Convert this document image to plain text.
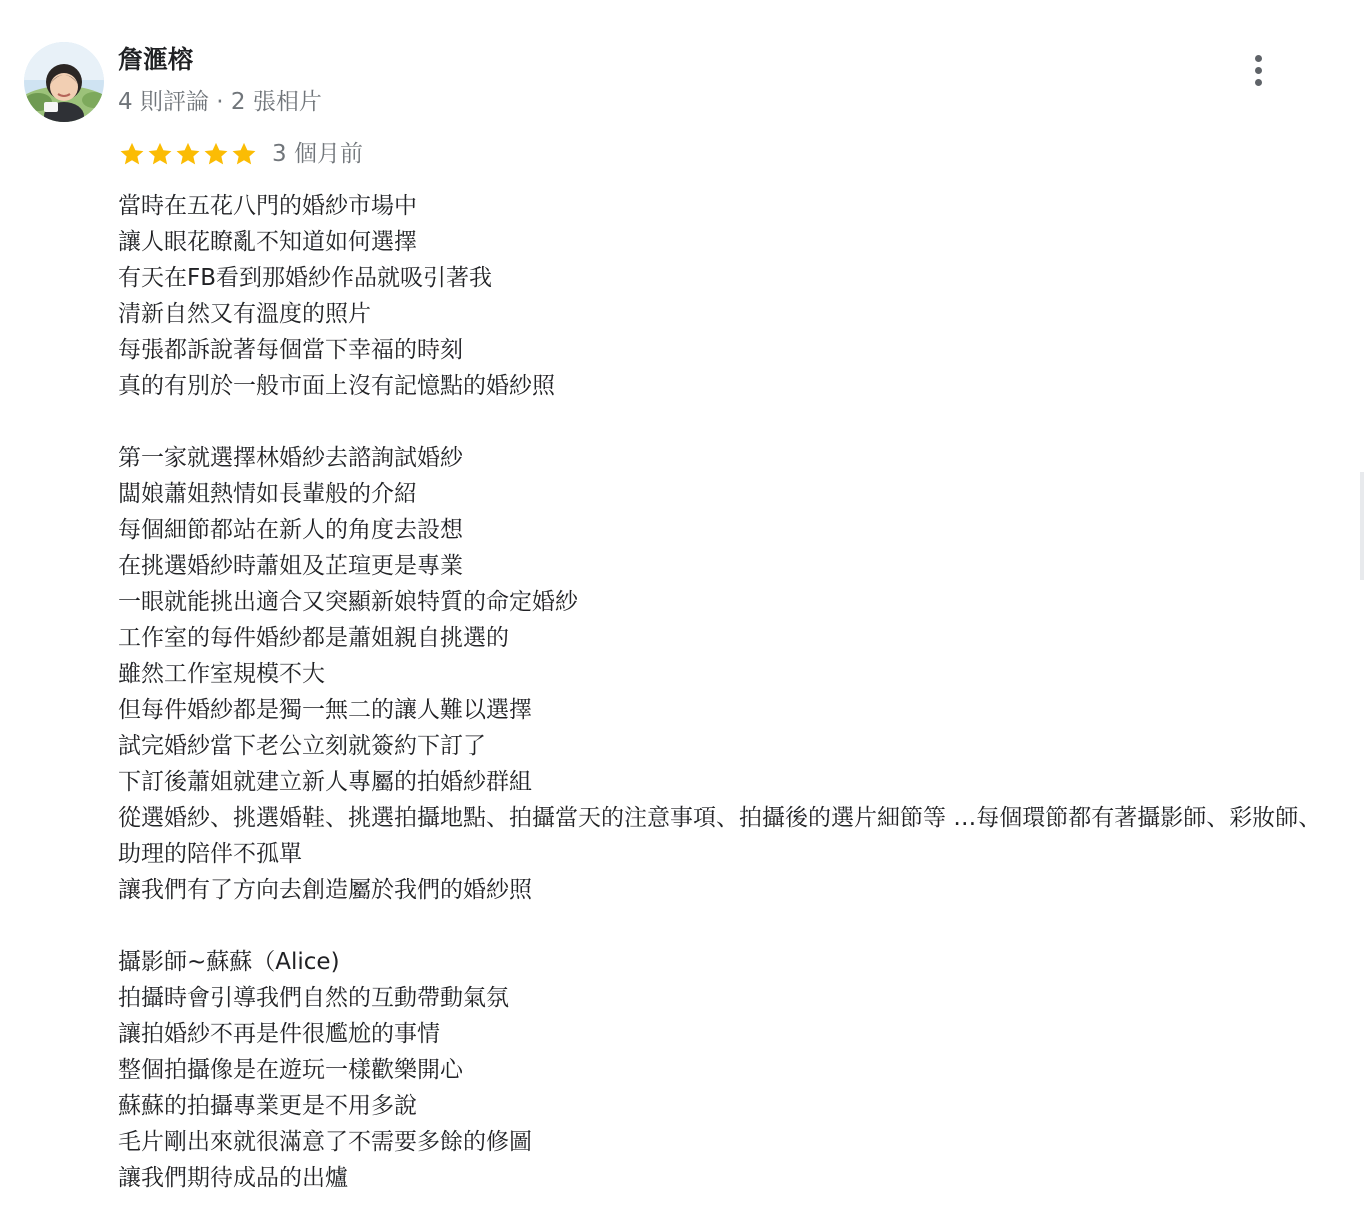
詹滙榕
4 則評論 · 2 張相片
3 個月前
當時在五花八門的婚紗市場中
讓人眼花瞭亂不知道如何選擇
有天在FB看到那婚紗作品就吸引著我
清新自然又有溫度的照片
每張都訴說著每個當下幸福的時刻
真的有別於一般市面上沒有記憶點的婚紗照

第一家就選擇林婚紗去諮詢試婚紗
闆娘蕭姐熱情如長輩般的介紹
每個細節都站在新人的角度去設想
在挑選婚紗時蕭姐及芷瑄更是專業
一眼就能挑出適合又突顯新娘特質的命定婚紗
工作室的每件婚紗都是蕭姐親自挑選的
雖然工作室規模不大
但每件婚紗都是獨一無二的讓人難以選擇
試完婚紗當下老公立刻就簽約下訂了
下訂後蕭姐就建立新人專屬的拍婚紗群組
從選婚紗、挑選婚鞋、挑選拍攝地點、拍攝當天的注意事項、拍攝後的選片細節等 …每個環節都有著攝影師、彩妝師、助理的陪伴不孤單
讓我們有了方向去創造屬於我們的婚紗照

攝影師~蘇蘇（Alice)
拍攝時會引導我們自然的互動帶動氣氛
讓拍婚紗不再是件很尷尬的事情
整個拍攝像是在遊玩一樣歡樂開心
蘇蘇的拍攝專業更是不用多說
毛片剛出來就很滿意了不需要多餘的修圖
讓我們期待成品的出爐
